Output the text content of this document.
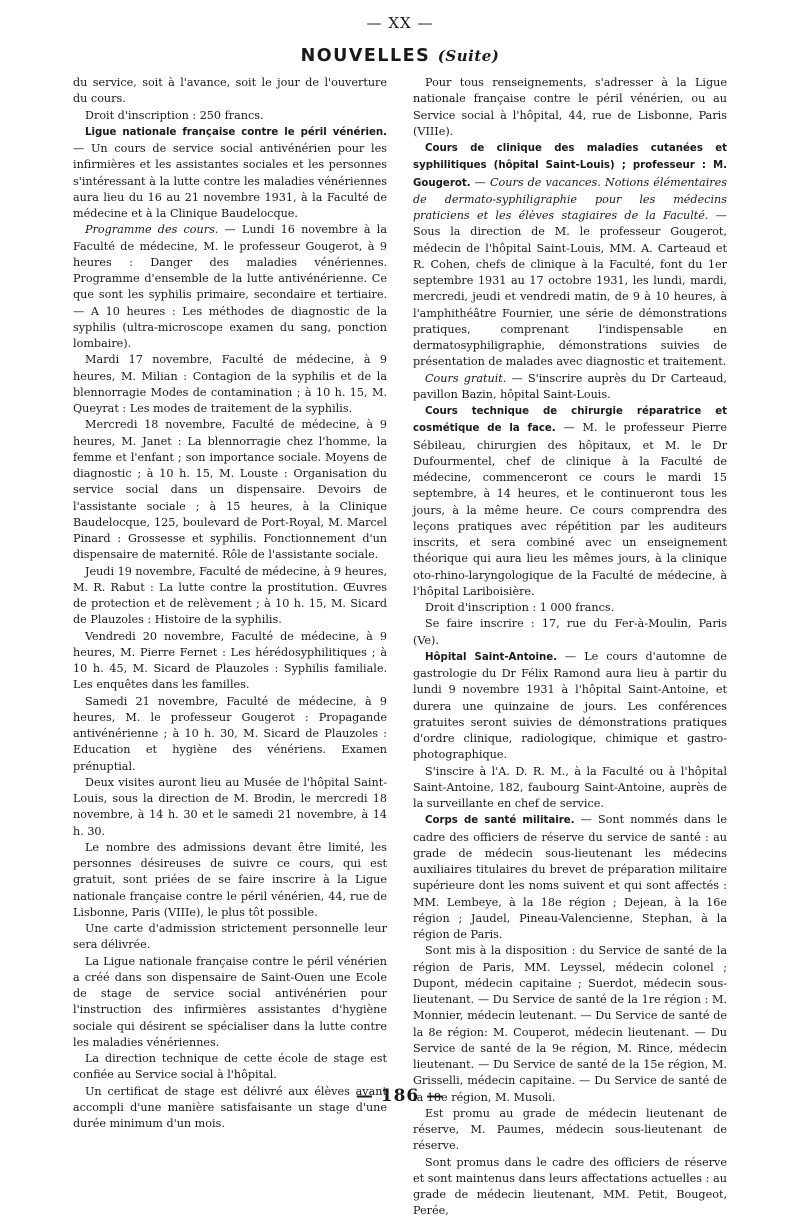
— XX —
NOUVELLES (Suite)

du service, soit à l'avance, soit le jour de l'ouverture du cours.

Droit d'inscription : 250 francs.

Ligue nationale française contre le péril vénérien. — Un cours de service social antivénérien pour les infirmières et les assistantes sociales et les personnes s'intéressant à la lutte contre les maladies vénériennes aura lieu du 16 au 21 novembre 1931, à la Faculté de médecine et à la Clinique Baudelocque.

Programme des cours. — Lundi 16 novembre à la Faculté de médecine, M. le professeur Gougerot, à 9 heures : Danger des maladies vénériennes. Programme d'ensemble de la lutte antivénérienne. Ce que sont les syphilis primaire, secondaire et tertiaire. — A 10 heures : Les méthodes de diagnostic de la syphilis (ultra-microscope examen du sang, ponction lombaire).

Mardi 17 novembre, Faculté de médecine, à 9 heures, M. Milian : Contagion de la syphilis et de la blennorragie Modes de contamination ; à 10 h. 15, M. Queyrat : Les modes de traitement de la syphilis.

Mercredi 18 novembre, Faculté de médecine, à 9 heures, M. Janet : La blennorragie chez l'homme, la femme et l'enfant ; son importance sociale. Moyens de diagnostic ; à 10 h. 15, M. Louste : Organisation du service social dans un dispensaire. Devoirs de l'assistante sociale ; à 15 heures, à la Clinique Baudelocque, 125, boulevard de Port-Royal, M. Marcel Pinard : Grossesse et syphilis. Fonctionnement d'un dispensaire de maternité. Rôle de l'assistante sociale.

Jeudi 19 novembre, Faculté de médecine, à 9 heures, M. R. Rabut : La lutte contre la prostitution. Œuvres de protection et de relèvement ; à 10 h. 15, M. Sicard de Plauzoles : Histoire de la syphilis.

Vendredi 20 novembre, Faculté de médecine, à 9 heures, M. Pierre Fernet : Les hérédosyphilitiques ; à 10 h. 45, M. Sicard de Plauzoles : Syphilis familiale. Les enquêtes dans les familles.

Samedi 21 novembre, Faculté de médecine, à 9 heures, M. le professeur Gougerot : Propagande antivénérienne ; à 10 h. 30, M. Sicard de Plauzoles : Education et hygiène des vénériens. Examen prénuptial.

Deux visites auront lieu au Musée de l'hôpital Saint-Louis, sous la direction de M. Brodin, le mercredi 18 novembre, à 14 h. 30 et le samedi 21 novembre, à 14 h. 30.

Le nombre des admissions devant être limité, les personnes désireuses de suivre ce cours, qui est gratuit, sont priées de se faire inscrire à la Ligue nationale française contre le péril vénérien, 44, rue de Lisbonne, Paris (VIIIe), le plus tôt possible.

Une carte d'admission strictement personnelle leur sera délivrée.

La Ligue nationale française contre le péril vénérien a créé dans son dispensaire de Saint-Ouen une Ecole de stage de service social antivénérien pour l'instruction des infirmières assistantes d'hygiène sociale qui désirent se spécialiser dans la lutte contre les maladies vénériennes.

La direction technique de cette école de stage est confiée au Service social à l'hôpital.

Un certificat de stage est délivré aux élèves ayant accompli d'une manière satisfaisante un stage d'une durée minimum d'un mois.

Pour tous renseignements, s'adresser à la Ligue nationale française contre le péril vénérien, ou au Service social à l'hôpital, 44, rue de Lisbonne, Paris (VIIIe).

Cours de clinique des maladies cutanées et syphilitiques (hôpital Saint-Louis) ; professeur : M. Gougerot. — Cours de vacances. Notions élémentaires de dermato-syphiligraphie pour les médecins praticiens et les élèves stagiaires de la Faculté. — Sous la direction de M. le professeur Gougerot, médecin de l'hôpital Saint-Louis, MM. A. Carteaud et R. Cohen, chefs de clinique à la Faculté, font du 1er septembre 1931 au 17 octobre 1931, les lundi, mardi, mercredi, jeudi et vendredi matin, de 9 à 10 heures, à l'amphithéâtre Fournier, une série de démonstrations pratiques, comprenant l'indispensable en dermatosyphiligraphie, démonstrations suivies de présentation de malades avec diagnostic et traitement.

Cours gratuit. — S'inscrire auprès du Dr Carteaud, pavillon Bazin, hôpital Saint-Louis.

Cours technique de chirurgie réparatrice et cosmétique de la face. — M. le professeur Pierre Sébileau, chirurgien des hôpitaux, et M. le Dr Dufourmentel, chef de clinique à la Faculté de médecine, commenceront ce cours le mardi 15 septembre, à 14 heures, et le continueront tous les jours, à la même heure. Ce cours comprendra des leçons pratiques avec répétition par les auditeurs inscrits, et sera combiné avec un enseignement théorique qui aura lieu les mêmes jours, à la clinique oto-rhino-laryngologique de la Faculté de médecine, à l'hôpital Lariboisière.

Droit d'inscription : 1 000 francs.

Se faire inscrire : 17, rue du Fer-à-Moulin, Paris (Ve).

Hôpital Saint-Antoine. — Le cours d'automne de gastrologie du Dr Félix Ramond aura lieu à partir du lundi 9 novembre 1931 à l'hôpital Saint-Antoine, et durera une quinzaine de jours. Les conférences gratuites seront suivies de démonstrations pratiques d'ordre clinique, radiologique, chimique et gastro-photographique.

S'inscire à l'A. D. R. M., à la Faculté ou à l'hôpital Saint-Antoine, 182, faubourg Saint-Antoine, auprès de la surveillante en chef de service.

Corps de santé militaire. — Sont nommés dans le cadre des officiers de réserve du service de santé : au grade de médecin sous-lieutenant les médecins auxiliaires titulaires du brevet de préparation militaire supérieure dont les noms suivent et qui sont affectés : MM. Lembeye, à la 18e région ; Dejean, à la 16e région ; Jaudel, Pineau-Valencienne, Stephan, à la région de Paris.

Sont mis à la disposition : du Service de santé de la région de Paris, MM. Leyssel, médecin colonel ; Dupont, médecin capitaine ; Suerdot, médecin sous-lieutenant. — Du Service de santé de la 1re région : M. Monnier, médecin leutenant. — Du Service de santé de la 8e région: M. Couperot, médecin lieutenant. — Du Service de santé de la 9e région, M. Rince, médecin lieutenant. — Du Service de santé de la 15e région, M. Grisselli, médecin capitaine. — Du Service de santé de la 18e région, M. Musoli.

Est promu au grade de médecin lieutenant de réserve, M. Paumes, médecin sous-lieutenant de réserve.

Sont promus dans le cadre des officiers de réserve et sont maintenus dans leurs affectations actuelles : au grade de médecin lieutenant, MM. Petit, Bougeot, Perée,

— 186 —
